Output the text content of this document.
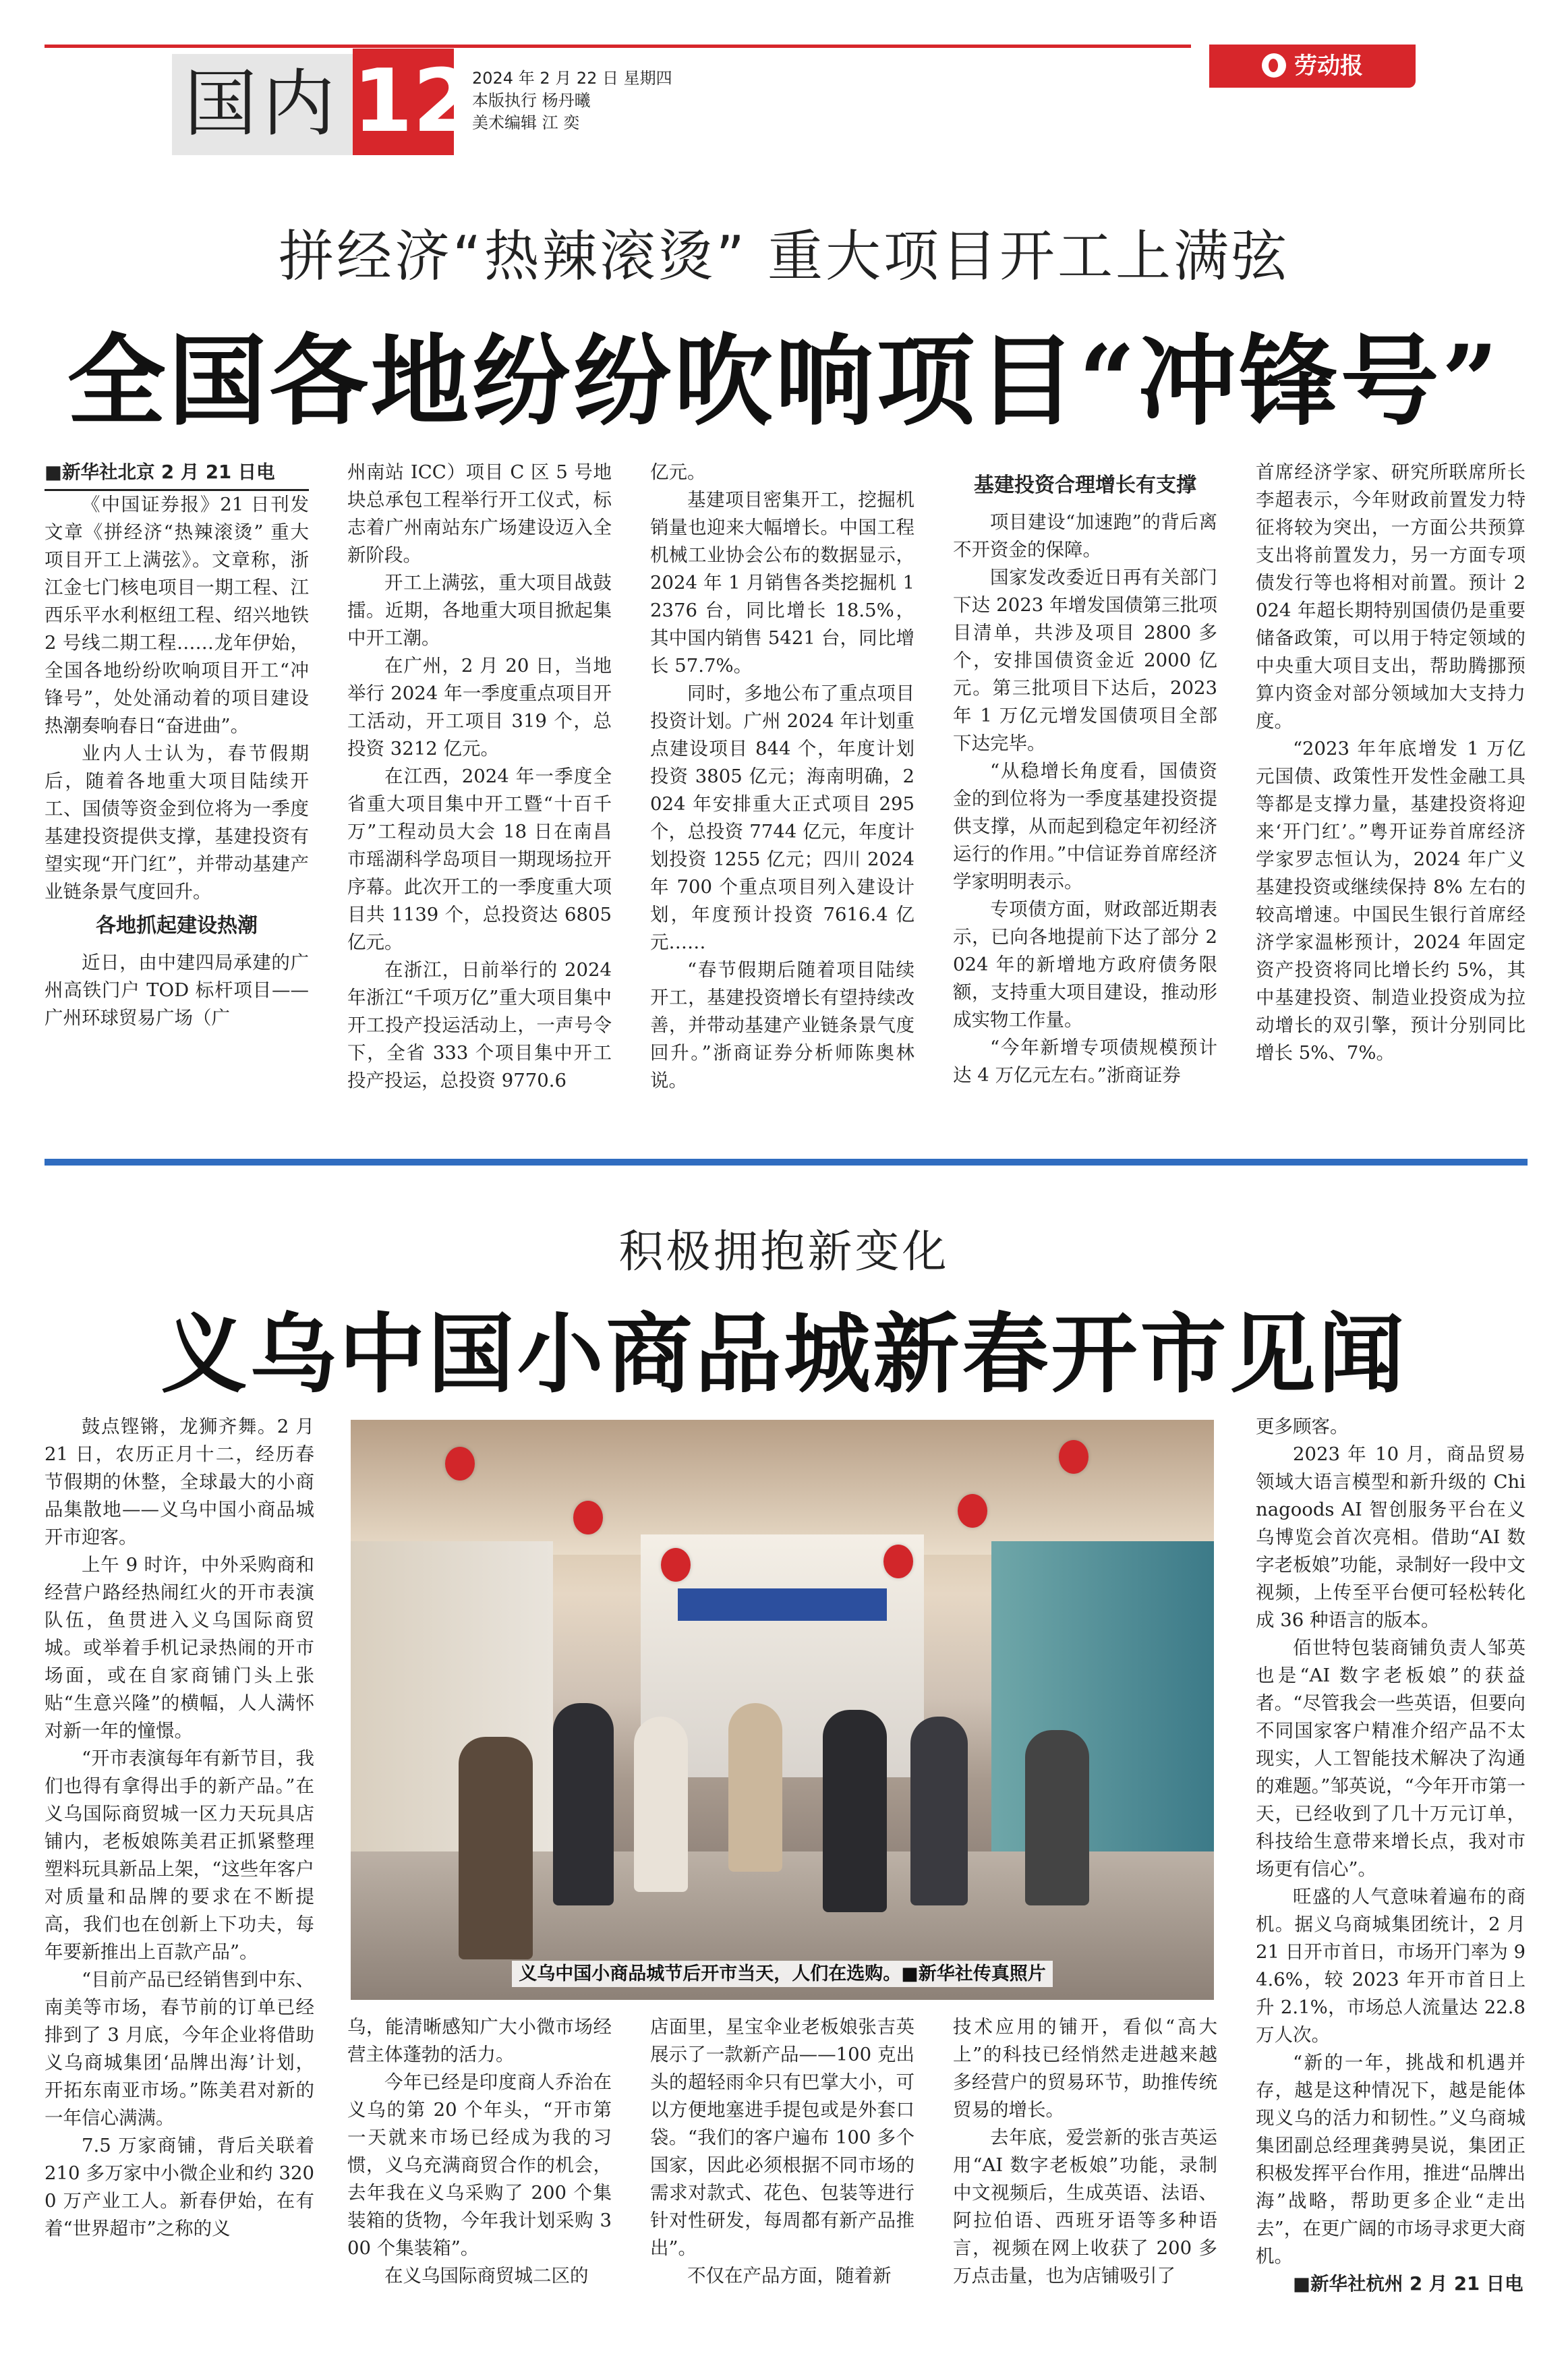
国内 12
2024 年 2 月 22 日 星期四
本版执行 杨丹曦
美术编辑 江 奕
劳动报
拼经济“热辣滚烫” 重大项目开工上满弦
全国各地纷纷吹响项目“冲锋号”

■新华社北京 2 月 21 日电

《中国证券报》21 日刊发文章《拼经济“热辣滚烫” 重大项目开工上满弦》。文章称，浙江金七门核电项目一期工程、江西乐平水利枢纽工程、绍兴地铁 2 号线二期工程……龙年伊始，全国各地纷纷吹响项目开工“冲锋号”，处处涌动着的项目建设热潮奏响春日“奋进曲”。

业内人士认为，春节假期后，随着各地重大项目陆续开工、国债等资金到位将为一季度基建投资提供支撑，基建投资有望实现“开门红”，并带动基建产业链条景气度回升。

各地抓起建设热潮

近日，由中建四局承建的广州高铁门户 TOD 标杆项目——广州环球贸易广场（广

州南站 ICC）项目 C 区 5 号地块总承包工程举行开工仪式，标志着广州南站东广场建设迈入全新阶段。

开工上满弦，重大项目战鼓擂。近期，各地重大项目掀起集中开工潮。

在广州，2 月 20 日，当地举行 2024 年一季度重点项目开工活动，开工项目 319 个，总投资 3212 亿元。

在江西，2024 年一季度全省重大项目集中开工暨“十百千万”工程动员大会 18 日在南昌市瑶湖科学岛项目一期现场拉开序幕。此次开工的一季度重大项目共 1139 个，总投资达 6805 亿元。

在浙江，日前举行的 2024 年浙江“千项万亿”重大项目集中开工投产投运活动上，一声号令下，全省 333 个项目集中开工投产投运，总投资 9770.6

亿元。

基建项目密集开工，挖掘机销量也迎来大幅增长。中国工程机械工业协会公布的数据显示，2024 年 1 月销售各类挖掘机 12376 台，同比增长 18.5%，其中国内销售 5421 台，同比增长 57.7%。

同时，多地公布了重点项目投资计划。广州 2024 年计划重点建设项目 844 个，年度计划投资 3805 亿元；海南明确，2024 年安排重大正式项目 295 个，总投资 7744 亿元，年度计划投资 1255 亿元；四川 2024 年 700 个重点项目列入建设计划，年度预计投资 7616.4 亿元……

“春节假期后随着项目陆续开工，基建投资增长有望持续改善，并带动基建产业链条景气度回升。”浙商证券分析师陈奥林说。

基建投资合理增长有支撑

项目建设“加速跑”的背后离不开资金的保障。

国家发改委近日再有关部门下达 2023 年增发国债第三批项目清单，共涉及项目 2800 多个，安排国债资金近 2000 亿元。第三批项目下达后，2023 年 1 万亿元增发国债项目全部下达完毕。

“从稳增长角度看，国债资金的到位将为一季度基建投资提供支撑，从而起到稳定年初经济运行的作用。”中信证券首席经济学家明明表示。

专项债方面，财政部近期表示，已向各地提前下达了部分 2024 年的新增地方政府债务限额，支持重大项目建设，推动形成实物工作量。

“今年新增专项债规模预计达 4 万亿元左右。”浙商证券

首席经济学家、研究所联席所长李超表示，今年财政前置发力特征将较为突出，一方面公共预算支出将前置发力，另一方面专项债发行等也将相对前置。预计 2024 年超长期特别国债仍是重要储备政策，可以用于特定领域的中央重大项目支出，帮助腾挪预算内资金对部分领域加大支持力度。

“2023 年年底增发 1 万亿元国债、政策性开发性金融工具等都是支撑力量，基建投资将迎来‘开门红’。”粤开证券首席经济学家罗志恒认为，2024 年广义基建投资或继续保持 8% 左右的较高增速。中国民生银行首席经济学家温彬预计，2024 年固定资产投资将同比增长约 5%，其中基建投资、制造业投资成为拉动增长的双引擎，预计分别同比增长 5%、7%。

积极拥抱新变化
义乌中国小商品城新春开市见闻
义乌中国小商品城节后开市当天，人们在选购。■新华社传真照片

鼓点铿锵，龙狮齐舞。2 月 21 日，农历正月十二，经历春节假期的休整，全球最大的小商品集散地——义乌中国小商品城开市迎客。

上午 9 时许，中外采购商和经营户路经热闹红火的开市表演队伍，鱼贯进入义乌国际商贸城。或举着手机记录热闹的开市场面，或在自家商铺门头上张贴“生意兴隆”的横幅，人人满怀对新一年的憧憬。

“开市表演每年有新节目，我们也得有拿得出手的新产品。”在义乌国际商贸城一区力天玩具店铺内，老板娘陈美君正抓紧整理塑料玩具新品上架，“这些年客户对质量和品牌的要求在不断提高，我们也在创新上下功夫，每年要新推出上百款产品”。

“目前产品已经销售到中东、南美等市场，春节前的订单已经排到了 3 月底，今年企业将借助义乌商城集团‘品牌出海’计划，开拓东南亚市场。”陈美君对新的一年信心满满。

7.5 万家商铺，背后关联着 210 多万家中小微企业和约 3200 万产业工人。新春伊始，在有着“世界超市”之称的义

乌，能清晰感知广大小微市场经营主体蓬勃的活力。

今年已经是印度商人乔治在义乌的第 20 个年头，“开市第一天就来市场已经成为我的习惯，义乌充满商贸合作的机会，去年我在义乌采购了 200 个集装箱的货物，今年我计划采购 300 个集装箱”。

在义乌国际商贸城二区的

店面里，星宝伞业老板娘张吉英展示了一款新产品——100 克出头的超轻雨伞只有巴掌大小，可以方便地塞进手提包或是外套口袋。“我们的客户遍布 100 多个国家，因此必须根据不同市场的需求对款式、花色、包装等进行针对性研发，每周都有新产品推出”。

不仅在产品方面，随着新

技术应用的铺开，看似“高大上”的科技已经悄然走进越来越多经营户的贸易环节，助推传统贸易的增长。

去年底，爱尝新的张吉英运用“AI 数字老板娘”功能，录制中文视频后，生成英语、法语、阿拉伯语、西班牙语等多种语言，视频在网上收获了 200 多万点击量，也为店铺吸引了

更多顾客。

2023 年 10 月，商品贸易领域大语言模型和新升级的 Chinagoods AI 智创服务平台在义乌博览会首次亮相。借助“AI 数字老板娘”功能，录制好一段中文视频，上传至平台便可轻松转化成 36 种语言的版本。

佰世特包装商铺负责人邹英也是“AI 数字老板娘”的获益者。“尽管我会一些英语，但要向不同国家客户精准介绍产品不太现实，人工智能技术解决了沟通的难题。”邹英说，“今年开市第一天，已经收到了几十万元订单，科技给生意带来增长点，我对市场更有信心”。

旺盛的人气意味着遍布的商机。据义乌商城集团统计，2 月 21 日开市首日，市场开门率为 94.6%，较 2023 年开市首日上升 2.1%，市场总人流量达 22.8 万人次。

“新的一年，挑战和机遇并存，越是这种情况下，越是能体现义乌的活力和韧性。”义乌商城集团副总经理龚骋昊说，集团正积极发挥平台作用，推进“品牌出海”战略，帮助更多企业“走出去”，在更广阔的市场寻求更大商机。

■新华社杭州 2 月 21 日电
